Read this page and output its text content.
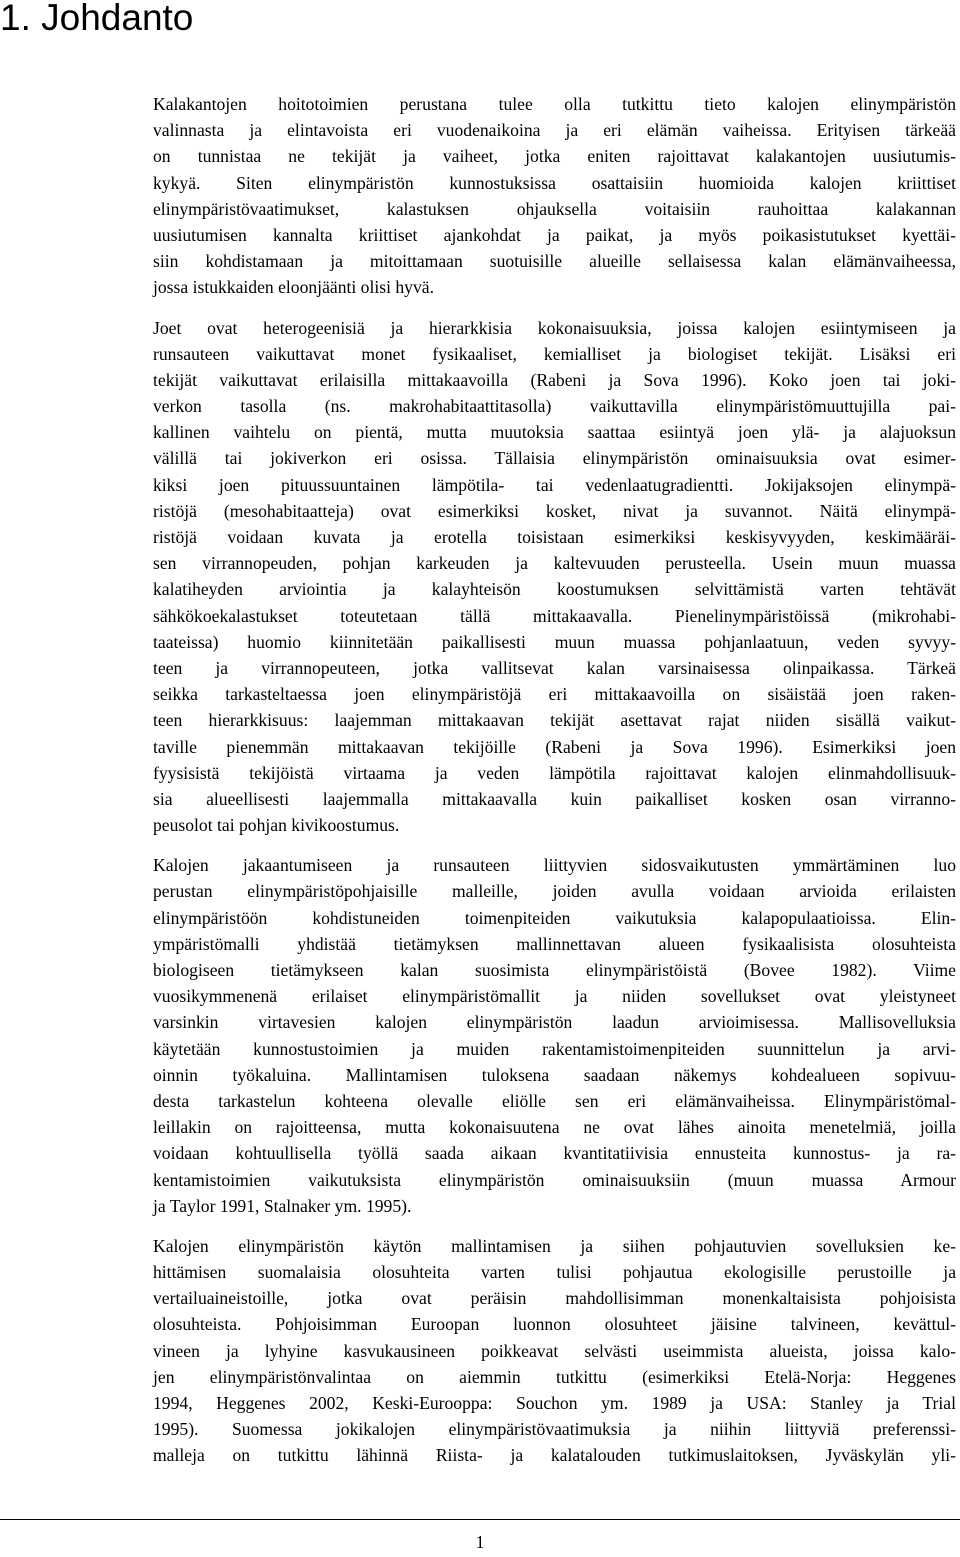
1. Johdanto
Kalakantojen hoitotoimien perustana tulee olla tutkittu tieto kalojen elinympäristön
valinnasta ja elintavoista eri vuodenaikoina ja eri elämän vaiheissa. Erityisen tärkeää
on tunnistaa ne tekijät ja vaiheet, jotka eniten rajoittavat kalakantojen uusiutumis-
kykyä. Siten elinympäristön kunnostuksissa osattaisiin huomioida kalojen kriittiset
elinympäristövaatimukset, kalastuksen ohjauksella voitaisiin rauhoittaa kalakannan
uusiutumisen kannalta kriittiset ajankohdat ja paikat, ja myös poikasistutukset kyettäi-
siin kohdistamaan ja mitoittamaan suotuisille alueille sellaisessa kalan elämänvaiheessa,
jossa istukkaiden eloonjäänti olisi hyvä.
Joet ovat heterogeenisiä ja hierarkkisia kokonaisuuksia, joissa kalojen esiintymiseen ja
runsauteen vaikuttavat monet fysikaaliset, kemialliset ja biologiset tekijät. Lisäksi eri
tekijät vaikuttavat erilaisilla mittakaavoilla (Rabeni ja Sova 1996). Koko joen tai joki-
verkon tasolla (ns. makrohabitaattitasolla) vaikuttavilla elinympäristömuuttujilla pai-
kallinen vaihtelu on pientä, mutta muutoksia saattaa esiintyä joen ylä- ja alajuoksun
välillä tai jokiverkon eri osissa. Tällaisia elinympäristön ominaisuuksia ovat esimer-
kiksi joen pituussuuntainen lämpötila- tai vedenlaatugradientti. Jokijaksojen elinympä-
ristöjä (mesohabitaatteja) ovat esimerkiksi kosket, nivat ja suvannot. Näitä elinympä-
ristöjä voidaan kuvata ja erotella toisistaan esimerkiksi keskisyvyyden, keskimääräi-
sen virrannopeuden, pohjan karkeuden ja kaltevuuden perusteella. Usein muun muassa
kalatiheyden arviointia ja kalayhteisön koostumuksen selvittämistä varten tehtävät
sähkökoekalastukset toteutetaan tällä mittakaavalla. Pienelinympäristöissä (mikrohabi-
taateissa) huomio kiinnitetään paikallisesti muun muassa pohjanlaatuun, veden syvyy-
teen ja virrannopeuteen, jotka vallitsevat kalan varsinaisessa olinpaikassa. Tärkeä
seikka tarkasteltaessa joen elinympäristöjä eri mittakaavoilla on sisäistää joen raken-
teen hierarkkisuus: laajemman mittakaavan tekijät asettavat rajat niiden sisällä vaikut-
taville pienemmän mittakaavan tekijöille (Rabeni ja Sova 1996). Esimerkiksi joen
fyysisistä tekijöistä virtaama ja veden lämpötila rajoittavat kalojen elinmahdollisuuk-
sia alueellisesti laajemmalla mittakaavalla kuin paikalliset kosken osan virranno-
peusolot tai pohjan kivikoostumus.
Kalojen jakaantumiseen ja runsauteen liittyvien sidosvaikutusten ymmärtäminen luo
perustan elinympäristöpohjaisille malleille, joiden avulla voidaan arvioida erilaisten
elinympäristöön kohdistuneiden toimenpiteiden vaikutuksia kalapopulaatioissa. Elin-
ympäristömalli yhdistää tietämyksen mallinnettavan alueen fysikaalisista olosuhteista
biologiseen tietämykseen kalan suosimista elinympäristöistä (Bovee 1982). Viime
vuosikymmenenä erilaiset elinympäristömallit ja niiden sovellukset ovat yleistyneet
varsinkin virtavesien kalojen elinympäristön laadun arvioimisessa. Mallisovelluksia
käytetään kunnostustoimien ja muiden rakentamistoimenpiteiden suunnittelun ja arvi-
oinnin työkaluina. Mallintamisen tuloksena saadaan näkemys kohdealueen sopivuu-
desta tarkastelun kohteena olevalle eliölle sen eri elämänvaiheissa. Elinympäristömal-
leillakin on rajoitteensa, mutta kokonaisuutena ne ovat lähes ainoita menetelmiä, joilla
voidaan kohtuullisella työllä saada aikaan kvantitatiivisia ennusteita kunnostus- ja ra-
kentamistoimien vaikutuksista elinympäristön ominaisuuksiin (muun muassa Armour
ja Taylor 1991, Stalnaker ym. 1995).
Kalojen elinympäristön käytön mallintamisen ja siihen pohjautuvien sovelluksien ke-
hittämisen suomalaisia olosuhteita varten tulisi pohjautua ekologisille perustoille ja
vertailuaineistoille, jotka ovat peräisin mahdollisimman monenkaltaisista pohjoisista
olosuhteista. Pohjoisimman Euroopan luonnon olosuhteet jäisine talvineen, kevättul-
vineen ja lyhyine kasvukausineen poikkeavat selvästi useimmista alueista, joissa kalo-
jen elinympäristönvalintaa on aiemmin tutkittu (esimerkiksi Etelä-Norja: Heggenes
1994, Heggenes 2002, Keski-Eurooppa: Souchon ym. 1989 ja USA: Stanley ja Trial
1995). Suomessa jokikalojen elinympäristövaatimuksia ja niihin liittyviä preferenssi-
malleja on tutkittu lähinnä Riista- ja kalatalouden tutkimuslaitoksen, Jyväskylän yli-
1
